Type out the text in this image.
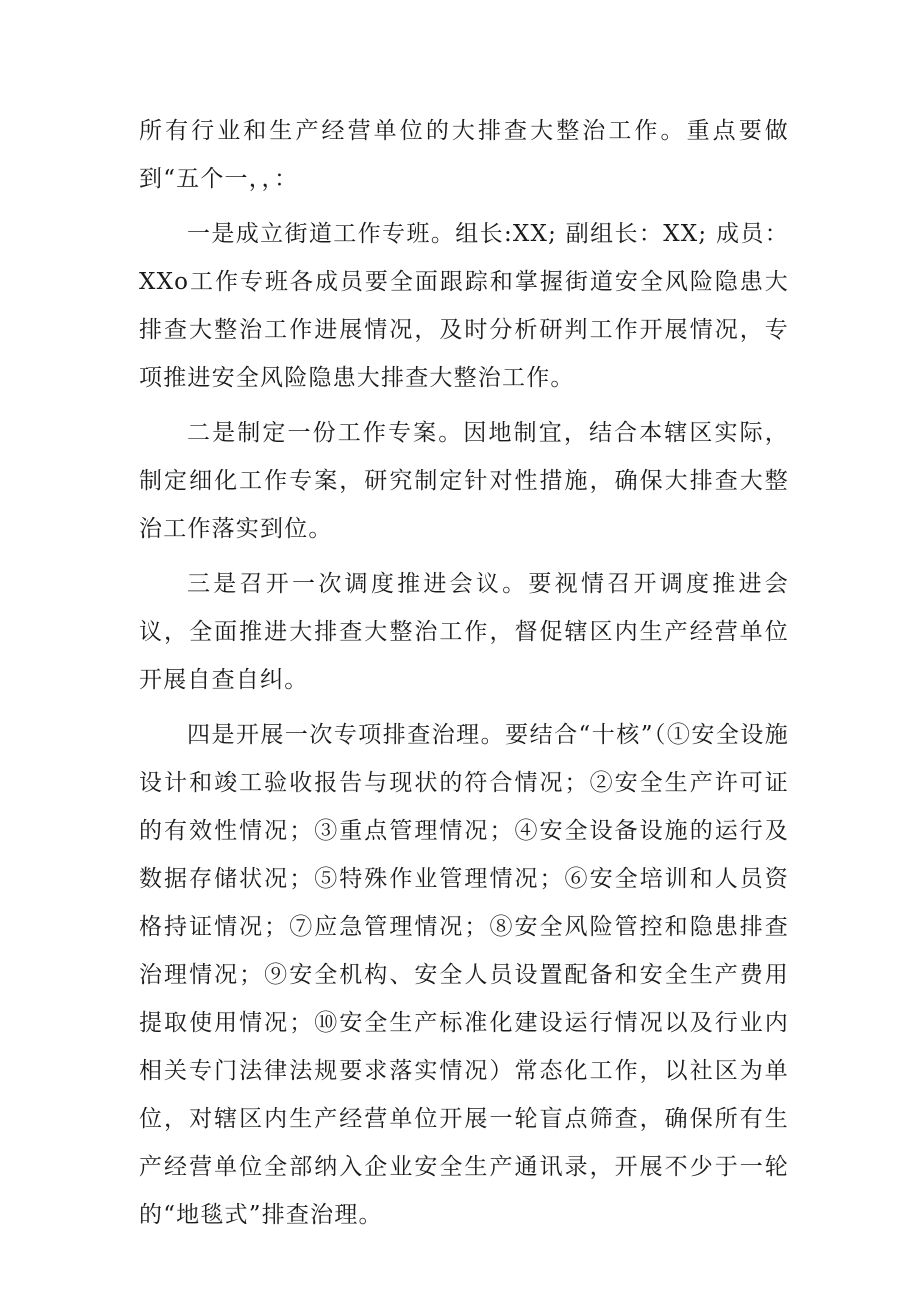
所有行业和生产经营单位的大排查大整治工作。重点要做到“五个一，，：

一是成立街道工作专班。组长:XX; 副组长：XX; 成员：XXo工作专班各成员要全面跟踪和掌握街道安全风险隐患大排查大整治工作进展情况，及时分析研判工作开展情况，专项推进安全风险隐患大排查大整治工作。

二是制定一份工作专案。因地制宜，结合本辖区实际，制定细化工作专案，研究制定针对性措施，确保大排查大整治工作落实到位。

三是召开一次调度推进会议。要视情召开调度推进会议，全面推进大排查大整治工作，督促辖区内生产经营单位开展自查自纠。

四是开展一次专项排查治理。要结合“十核”（①安全设施设计和竣工验收报告与现状的符合情况；②安全生产许可证的有效性情况；③重点管理情况；④安全设备设施的运行及数据存储状况；⑤特殊作业管理情况；⑥安全培训和人员资格持证情况；⑦应急管理情况；⑧安全风险管控和隐患排查治理情况；⑨安全机构、安全人员设置配备和安全生产费用提取使用情况；⑩安全生产标准化建设运行情况以及行业内相关专门法律法规要求落实情况）常态化工作，以社区为单位，对辖区内生产经营单位开展一轮盲点筛查，确保所有生产经营单位全部纳入企业安全生产通讯录，开展不少于一轮的“地毯式”排查治理。
